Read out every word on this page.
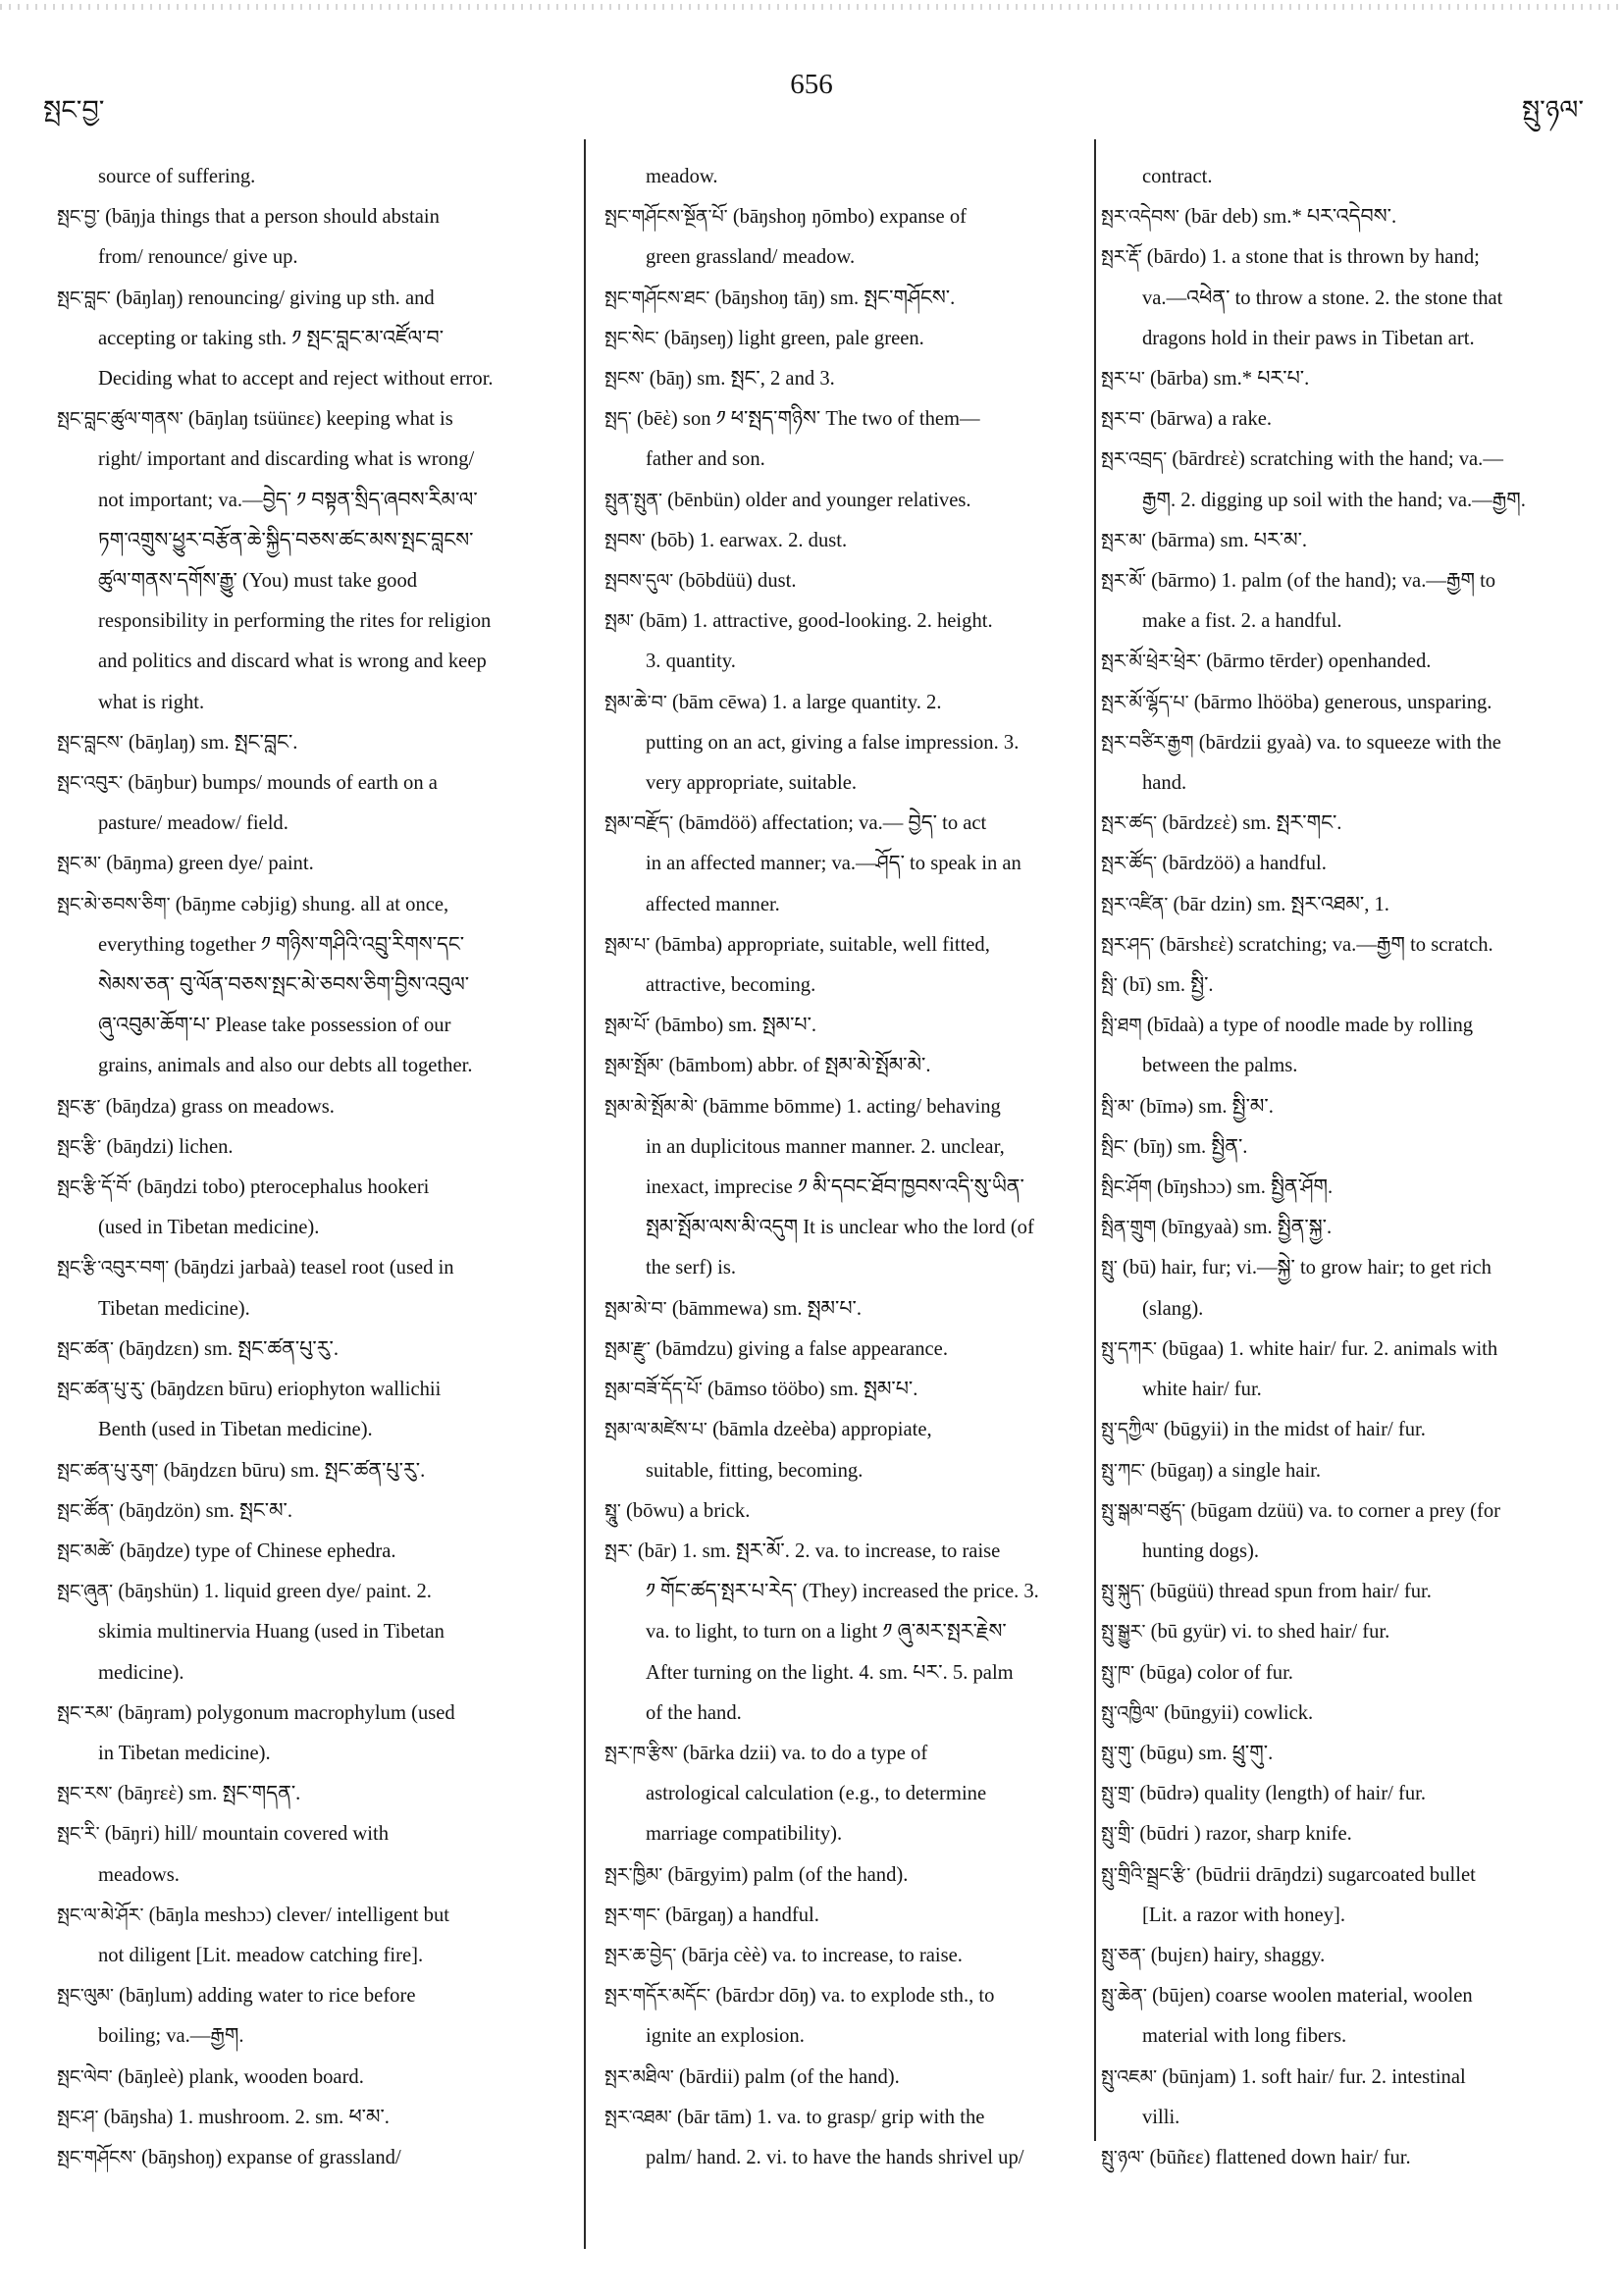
སྤང་བྱ་
656
སྤུ་ཉལ་
source of suffering.
སྤང་བྱ་ (bāŋja things that a person should abstain
from/ renounce/ give up.
སྤང་བླང་ (bāŋlaŋ) renouncing/ giving up sth. and
accepting or taking sth. ༡ སྤང་བླང་མ་འཛོལ་བ་
Deciding what to accept and reject without error.
སྤང་བླང་ཚུལ་གནས་ (bāŋlaŋ tsüünεε) keeping what is
right/ important and discarding what is wrong/
not important; va.—བྱེད་ ༡ བསྟན་སྲིད་ཞབས་རིམ་ལ་
ཏག་འགྲུས་ཕྱུར་བརྩོན་ཆེ་སྐྱིད་བཅས་ཚང་མས་སྤང་བླངས་
ཚུལ་གནས་དགོས་རྒྱུ་ (You) must take good
responsibility in performing the rites for religion
and politics and discard what is wrong and keep
what is right.
སྤང་བླངས་ (bāŋlaŋ) sm. སྤང་བླང་.
སྤང་འབུར་ (bāŋbur) bumps/ mounds of earth on a
pasture/ meadow/ field.
སྤང་མ་ (bāŋma) green dye/ paint.
སྤང་མེ་ཅབས་ཅིག་ (bāŋme cəbjig) shung. all at once,
everything together ༡ གཉིས་གཤིའི་འབྲུ་རིགས་དང་
སེམས་ཅན་ བུ་ལོན་བཅས་སྤང་མེ་ཅབས་ཅིག་བྱིས་འབུལ་
ཞུ་འབུམ་ཆོག་པ་ Please take possession of our
grains, animals and also our debts all together.
སྤང་རྩ་ (bāŋdza) grass on meadows.
སྤང་རྩི་ (bāŋdzi) lichen.
སྤང་རྩི་དོ་བོ་ (bāŋdzi tobo) pterocephalus hookeri
(used in Tibetan medicine).
སྤང་རྩི་འབུར་བག་ (bāŋdzi jarbaà) teasel root (used in
Tibetan medicine).
སྤང་ཚན་ (bāŋdzεn) sm. སྤང་ཚན་པུ་རུ་.
སྤང་ཚན་པུ་རུ་ (bāŋdzεn būru) eriophyton wallichii
Benth (used in Tibetan medicine).
སྤང་ཚན་པུ་རུག་ (bāŋdzεn būru) sm. སྤང་ཚན་པུ་རུ་.
སྤང་ཚོན་ (bāŋdzön) sm. སྤང་མ་.
སྤང་མཚེ་ (bāŋdze) type of Chinese ephedra.
སྤང་ཞུན་ (bāŋshün) 1. liquid green dye/ paint. 2.
skimia multinervia Huang (used in Tibetan
medicine).
སྤང་རམ་ (bāŋram) polygonum macrophylum (used
in Tibetan medicine).
སྤང་རས་ (bāŋrεὲ) sm. སྤང་གདན་.
སྤང་རི་ (bāŋri) hill/ mountain covered with
meadows.
སྤང་ལ་མེ་ཤོར་ (bāŋla meshɔɔ) clever/ intelligent but
not diligent [Lit. meadow catching fire].
སྤང་ལུམ་ (bāŋlum) adding water to rice before
boiling; va.—རྒྱག.
སྤང་ལེབ་ (bāŋleè) plank, wooden board.
སྤང་ཤ་ (bāŋsha) 1. mushroom. 2. sm. ཕ་མ་.
སྤང་གཤོངས་ (bāŋshoŋ) expanse of grassland/
meadow.
སྤང་གཤོངས་སྔོན་པོ་ (bāŋshoŋ ŋōmbo) expanse of
green grassland/ meadow.
སྤང་གཤོངས་ཐང་ (bāŋshoŋ tāŋ) sm. སྤང་གཤོངས་.
སྤང་སེང་ (bāŋseŋ) light green, pale green.
སྤངས་ (bāŋ) sm. སྤང་, 2 and 3.
སྤད་ (bēὲ) son ༡ ཕ་སྤད་གཉིས་ The two of them—
father and son.
སྤུན་སྤུན་ (bēnbün) older and younger relatives.
སྤབས་ (bōb) 1. earwax. 2. dust.
སྤབས་དུལ་ (bōbdüü) dust.
སྤམ་ (bām) 1. attractive, good-looking. 2. height.
3. quantity.
སྤམ་ཆེ་བ་ (bām cēwa) 1. a large quantity. 2.
putting on an act, giving a false impression. 3.
very appropriate, suitable.
སྤམ་བརྫོད་ (bāmdöö) affectation; va.— བྱེད་ to act
in an affected manner; va.—ཤོད་ to speak in an
affected manner.
སྤམ་པ་ (bāmba) appropriate, suitable, well fitted,
attractive, becoming.
སྤམ་པོ་ (bāmbo) sm. སྤམ་པ་.
སྤམ་སྤོམ་ (bāmbom) abbr. of སྤམ་མེ་སྤོམ་མེ་.
སྤམ་མེ་སྤོམ་མེ་ (bāmme bōmme) 1. acting/ behaving
in an duplicitous manner manner. 2. unclear,
inexact, imprecise ༡ མི་དབང་ཐོབ་ཁྱབས་འདི་སུ་ཡིན་
སྤམ་སྤོམ་ལས་མི་འདུག It is unclear who the lord (of
the serf) is.
སྤམ་མེ་བ་ (bāmmewa) sm. སྤམ་པ་.
སྤམ་རྫུ་ (bāmdzu) giving a false appearance.
སྤམ་བཟོ་དོད་པོ་ (bāmso tööbo) sm. སྤམ་པ་.
སྤམ་ལ་མཛེས་པ་ (bāmla dzeèba) appropiate,
suitable, fitting, becoming.
སྤཱུ་ (bōwu) a brick.
སྤར་ (bār) 1. sm. སྤར་མོ་. 2. va. to increase, to raise
༡ གོང་ཚད་སྤར་པ་རེད་ (They) increased the price. 3.
va. to light, to turn on a light ༡ ཞུ་མར་སྤར་རྗེས་
After turning on the light. 4. sm. པར་. 5. palm
of the hand.
སྤར་ཁ་རྩིས་ (bārka dzii) va. to do a type of
astrological calculation (e.g., to determine
marriage compatibility).
སྤར་ཁྱིམ་ (bārgyim) palm (of the hand).
སྤར་གང་ (bārgaŋ) a handful.
སྤར་ཆ་བྱེད་ (bārja cèè) va. to increase, to raise.
སྤར་གདོར་མདོང་ (bārdɔr dōŋ) va. to explode sth., to
ignite an explosion.
སྤར་མཐིལ་ (bārdii) palm (of the hand).
སྤར་འཐམ་ (bār tām) 1. va. to grasp/ grip with the
palm/ hand. 2. vi. to have the hands shrivel up/
contract.
སྤར་འདེབས་ (bār deb) sm.* པར་འདེབས་.
སྤར་རྡོ་ (bārdo) 1. a stone that is thrown by hand;
va.—འཕེན་ to throw a stone. 2. the stone that
dragons hold in their paws in Tibetan art.
སྤར་པ་ (bārba) sm.* པར་པ་.
སྤར་བ་ (bārwa) a rake.
སྤར་འབྲད་ (bārdrεὲ) scratching with the hand; va.—
རྒྱག. 2. digging up soil with the hand; va.—རྒྱག.
སྤར་མ་ (bārma) sm. པར་མ་.
སྤར་མོ་ (bārmo) 1. palm (of the hand); va.—རྒྱག to
make a fist. 2. a handful.
སྤར་མོ་ཕྲེར་ཕྲེར་ (bārmo tērder) openhanded.
སྤར་མོ་ལྷོད་པ་ (bārmo lhööba) generous, unsparing.
སྤར་བཙིར་རྒྱག (bārdzii gyaà) va. to squeeze with the
hand.
སྤར་ཚད་ (bārdzεὲ) sm. སྤར་གང་.
སྤར་ཚོད་ (bārdzöö) a handful.
སྤར་འཛིན་ (bār dzin) sm. སྤར་འཐམ་, 1.
སྤར་ཤད་ (bārshεὲ) scratching; va.—རྒྱག to scratch.
སྤི་ (bī) sm. སྤྱི་.
སྤི་ཐག (bīdaà) a type of noodle made by rolling
between the palms.
སྤི་མ་ (bīmə) sm. སྤྱི་མ་.
སྤིང་ (bīŋ) sm. སྤྱིན་.
སྤིང་ཤོག (bīŋshɔɔ) sm. སྤྱིན་ཤོག.
སྤིན་གྲུག (bīngyaà) sm. སྤྱིན་སྐྱ་.
སྤུ་ (bū) hair, fur; vi.—སྐྱེ་ to grow hair; to get rich
(slang).
སྤུ་དཀར་ (būgaa) 1. white hair/ fur. 2. animals with
white hair/ fur.
སྤུ་དཀྱིལ་ (būgyii) in the midst of hair/ fur.
སྤུ་ཀང་ (būgaŋ) a single hair.
སྤུ་སྒམ་བཙུད་ (būgam dzüü) va. to corner a prey (for
hunting dogs).
སྤུ་སྐུད་ (būgüü) thread spun from hair/ fur.
སྤུ་སྒྱུར་ (bū gyür) vi. to shed hair/ fur.
སྤུ་ཁ་ (būga) color of fur.
སྤུ་འཁྱིལ་ (būngyii) cowlick.
སྤུ་གུ་ (būgu) sm. ཕྲུ་གུ་.
སྤུ་གྲ་ (būdrə) quality (length) of hair/ fur.
སྤུ་གྲི་ (būdri ) razor, sharp knife.
སྤུ་གྲིའི་སྦྲང་རྩི་ (būdrii drāŋdzi) sugarcoated bullet
[Lit. a razor with honey].
སྤུ་ཅན་ (bujεn) hairy, shaggy.
སྤུ་ཆེན་ (būjen) coarse woolen material, woolen
material with long fibers.
སྤུ་འཇམ་ (būnjam) 1. soft hair/ fur. 2. intestinal
villi.
སྤུ་ཉལ་ (būñεε) flattened down hair/ fur.
